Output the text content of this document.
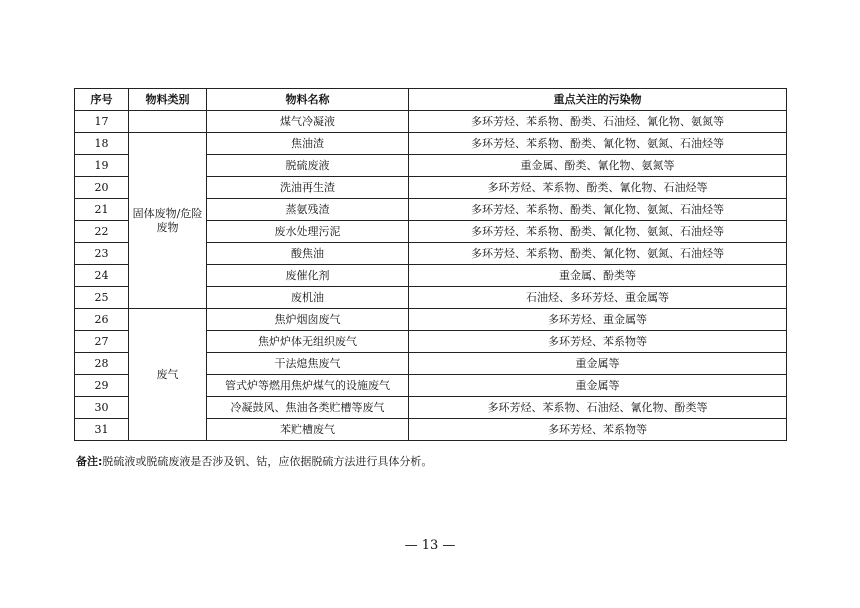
序号	物料类别	物料名称	重点关注的污染物
17		煤气冷凝液	多环芳烃、苯系物、酚类、石油烃、氰化物、氨氮等
18	固体废物/危险废物	焦油渣	多环芳烃、苯系物、酚类、氰化物、氨氮、石油烃等
19		脱硫废液	重金属、酚类、氰化物、氨氮等
20		洗油再生渣	多环芳烃、苯系物、酚类、氰化物、石油烃等
21		蒸氨残渣	多环芳烃、苯系物、酚类、氰化物、氨氮、石油烃等
22		废水处理污泥	多环芳烃、苯系物、酚类、氰化物、氨氮、石油烃等
23		酸焦油	多环芳烃、苯系物、酚类、氰化物、氨氮、石油烃等
24		废催化剂	重金属、酚类等
25		废机油	石油烃、多环芳烃、重金属等
26	废气	焦炉烟囱废气	多环芳烃、重金属等
27		焦炉炉体无组织废气	多环芳烃、苯系物等
28		干法熄焦废气	重金属等
29		管式炉等燃用焦炉煤气的设施废气	重金属等
30		冷凝鼓风、焦油各类贮槽等废气	多环芳烃、苯系物、石油烃、氰化物、酚类等
31		苯贮槽废气	多环芳烃、苯系物等
备注:脱硫液或脱硫废液是否涉及钒、钴，应依据脱硫方法进行具体分析。
— 13 —
